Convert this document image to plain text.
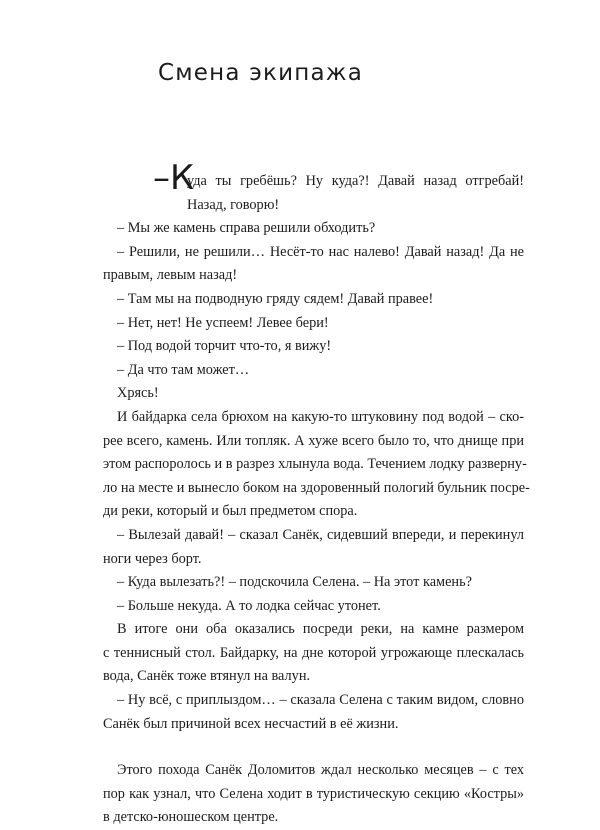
Смена экипажа
–К
уда ты гребёшь? Ну куда?! Давай назад отгребай!
Назад, говорю!
– Мы же камень справа решили обходить?
– Решили, не решили… Несёт-то нас налево! Давай назад! Да не
правым, левым назад!
– Там мы на подводную гряду сядем! Давай правее!
– Нет, нет! Не успеем! Левее бери!
– Под водой торчит что-то, я вижу!
– Да что там может…
Хрясь!
И байдарка села брюхом на какую-то штуковину под водой – ско-
рее всего, камень. Или топляк. А хуже всего было то, что днище при
этом распоролось и в разрез хлынула вода. Течением лодку разверну-
ло на месте и вынесло боком на здоровенный пологий бульник посре-
ди реки, который и был предметом спора.
– Вылезай давай! – сказал Санёк, сидевший впереди, и перекинул
ноги через борт.
– Куда вылезать?! – подскочила Селена. – На этот камень?
– Больше некуда. А то лодка сейчас утонет.
В итоге они оба оказались посреди реки, на камне размером
с теннисный стол. Байдарку, на дне которой угрожающе плескалась
вода, Санёк тоже втянул на валун.
– Ну всё, с приплыздом… – сказала Селена с таким видом, словно
Санёк был причиной всех несчастий в её жизни.
Этого похода Санёк Доломитов ждал несколько месяцев – с тех
пор как узнал, что Селена ходит в туристическую секцию «Костры»
в детско-юношеском центре.
